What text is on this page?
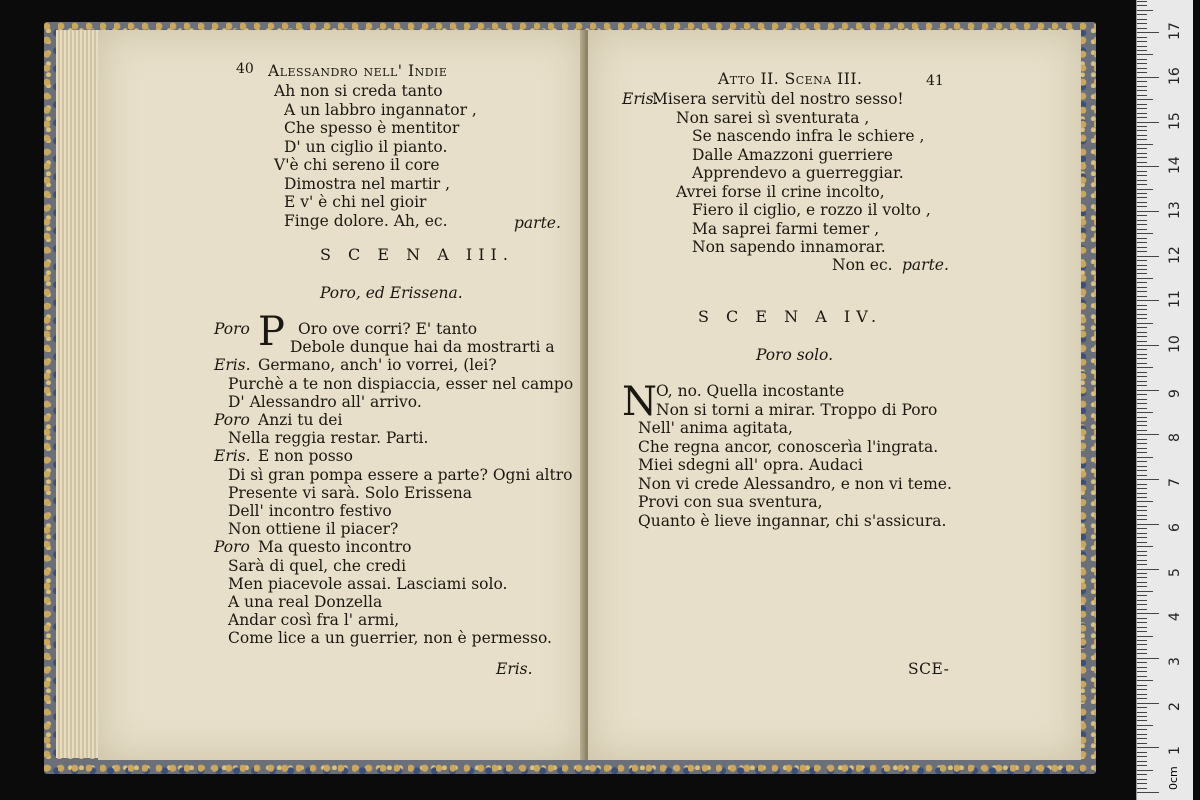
40 Alessandro nell' Indie
Ah non si creda tanto
A un labbro ingannator ,
Che spesso è mentitor
D' un ciglio il pianto.
V'è chi sereno il core
Dimostra nel martir ,
E v' è chi nel gioir
Finge dolore. Ah, ec.	parte.
S C E N A III.
Poro, ed Erissena.
P
Poro	Oro ove corri? E' tanto
Debole dunque hai da mostrarti a
Eris. Germano, anch' io vorrei, (lei?
Purchè a te non dispiaccia, esser nel campo
D' Alessandro all' arrivo.
Poro Anzi tu dei
Nella reggia restar. Parti.
Eris. E non posso
Di sì gran pompa essere a parte? Ogni altro
Presente vi sarà. Solo Erissena
Dell' incontro festivo
Non ottiene il piacer?
Poro Ma questo incontro
Sarà di quel, che credi
Men piacevole assai. Lasciami solo.
A una real Donzella
Andar così fra l' armi,
Come lice a un guerrier, non è permesso.
Eris.
Atto II. Scena III.	41
Eris.
Misera servitù del nostro sesso!
Non sarei sì sventurata ,
Se nascendo infra le schiere ,
Dalle Amazzoni guerriere
Apprendevo a guerreggiar.
Avrei forse il crine incolto,
Fiero il ciglio, e rozzo il volto ,
Ma saprei farmi temer ,
Non sapendo innamorar.
Non ec. parte.
S C E N A IV.
Poro solo.
N O, no. Quella incostante
Non si torni a mirar. Troppo di Poro
Nell' anima agitata,
Che regna ancor, conoscerìa l'ingrata.
Miei sdegni all' opra. Audaci
Non vi crede Alessandro, e non vi teme.
Provi con sua sventura,
Quanto è lieve ingannar, chi s'assicura.
SCE-
0cm
1
2
3
4
5
6
7
8
9
10
11
12
13
14
15
16
17
